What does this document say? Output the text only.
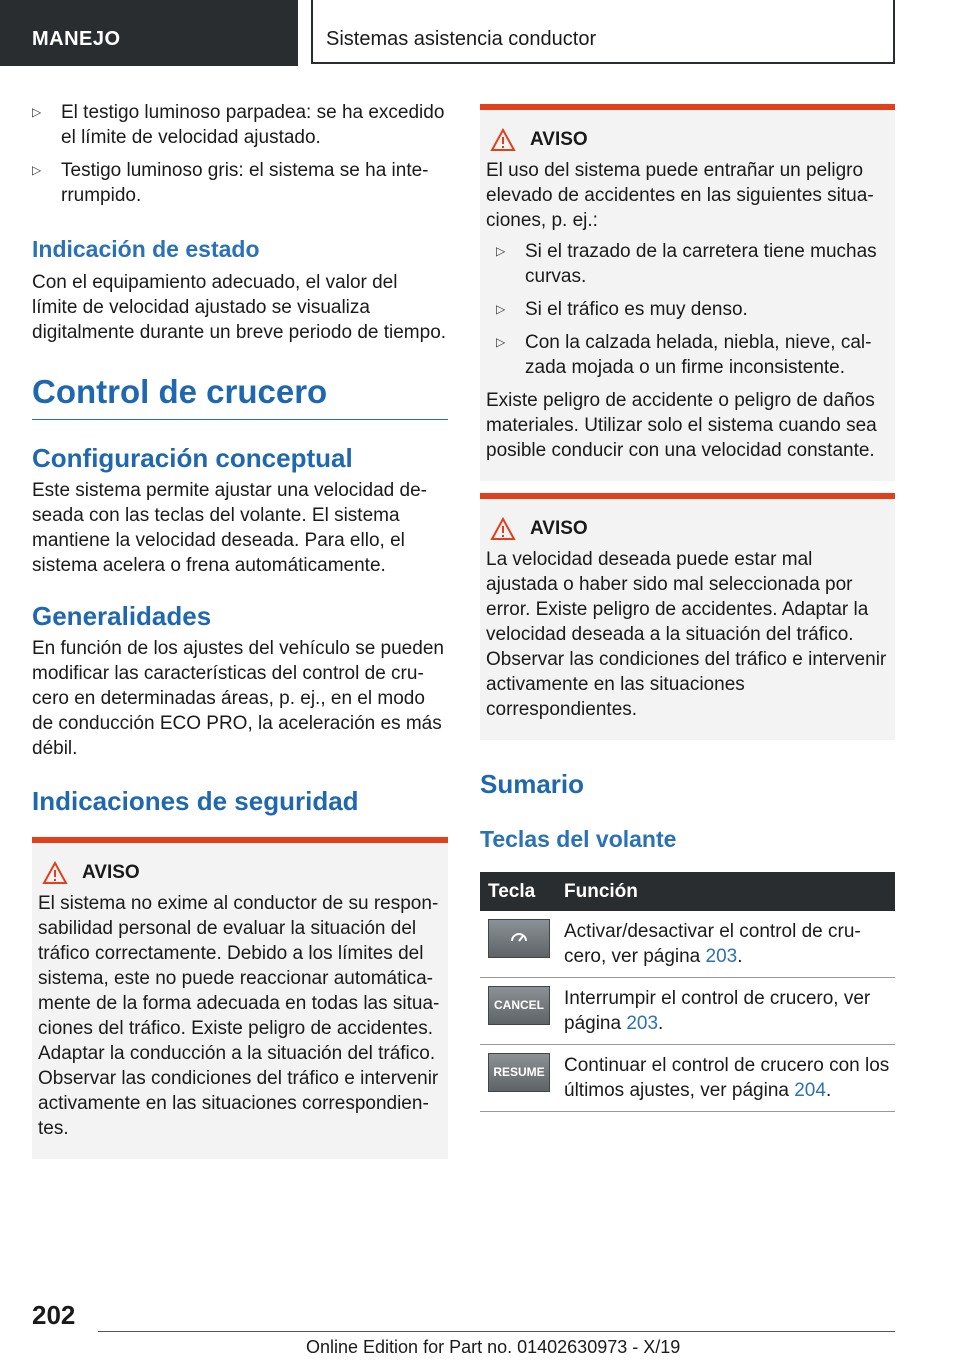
MANEJO	Sistemas asistencia conductor
▷ El testigo luminoso parpadea: se ha excedido el límite de velocidad ajustado.
▷ Testigo luminoso gris: el sistema se ha interrumpido.
Indicación de estado

Con el equipamiento adecuado, el valor del límite de velocidad ajustado se visualiza digitalmente durante un breve periodo de tiempo.

Control de crucero
Configuración conceptual

Este sistema permite ajustar una velocidad deseada con las teclas del volante. El sistema mantiene la velocidad deseada. Para ello, el sistema acelera o frena automáticamente.

Generalidades

En función de los ajustes del vehículo se pueden modificar las características del control de crucero en determinadas áreas, p. ej., en el modo de conducción ECO PRO, la aceleración es más débil.

Indicaciones de seguridad
AVISO

El sistema no exime al conductor de su responsabilidad personal de evaluar la situación del tráfico correctamente. Debido a los límites del sistema, este no puede reaccionar automáticamente de la forma adecuada en todas las situaciones del tráfico. Existe peligro de accidentes. Adaptar la conducción a la situación del tráfico. Observar las condiciones del tráfico e intervenir activamente en las situaciones correspondientes.

AVISO

El uso del sistema puede entrañar un peligro elevado de accidentes en las siguientes situaciones, p. ej.:

▷ Si el trazado de la carretera tiene muchas curvas.
▷ Si el tráfico es muy denso.
▷ Con la calzada helada, niebla, nieve, calzada mojada o un firme inconsistente.

Existe peligro de accidente o peligro de daños materiales. Utilizar solo el sistema cuando sea posible conducir con una velocidad constante.

AVISO

La velocidad deseada puede estar mal ajustada o haber sido mal seleccionada por error. Existe peligro de accidentes. Adaptar la velocidad deseada a la situación del tráfico. Observar las condiciones del tráfico e intervenir activamente en las situaciones correspondientes.

Sumario
Teclas del volante
Tecla	Función

	Activar/desactivar el control de crucero, ver página 203.

CANCEL	Interrumpir el control de crucero, ver página 203.

RESUME	Continuar el control de crucero con los últimos ajustes, ver página 204.
202
Online Edition for Part no. 01402630973 - X/19
